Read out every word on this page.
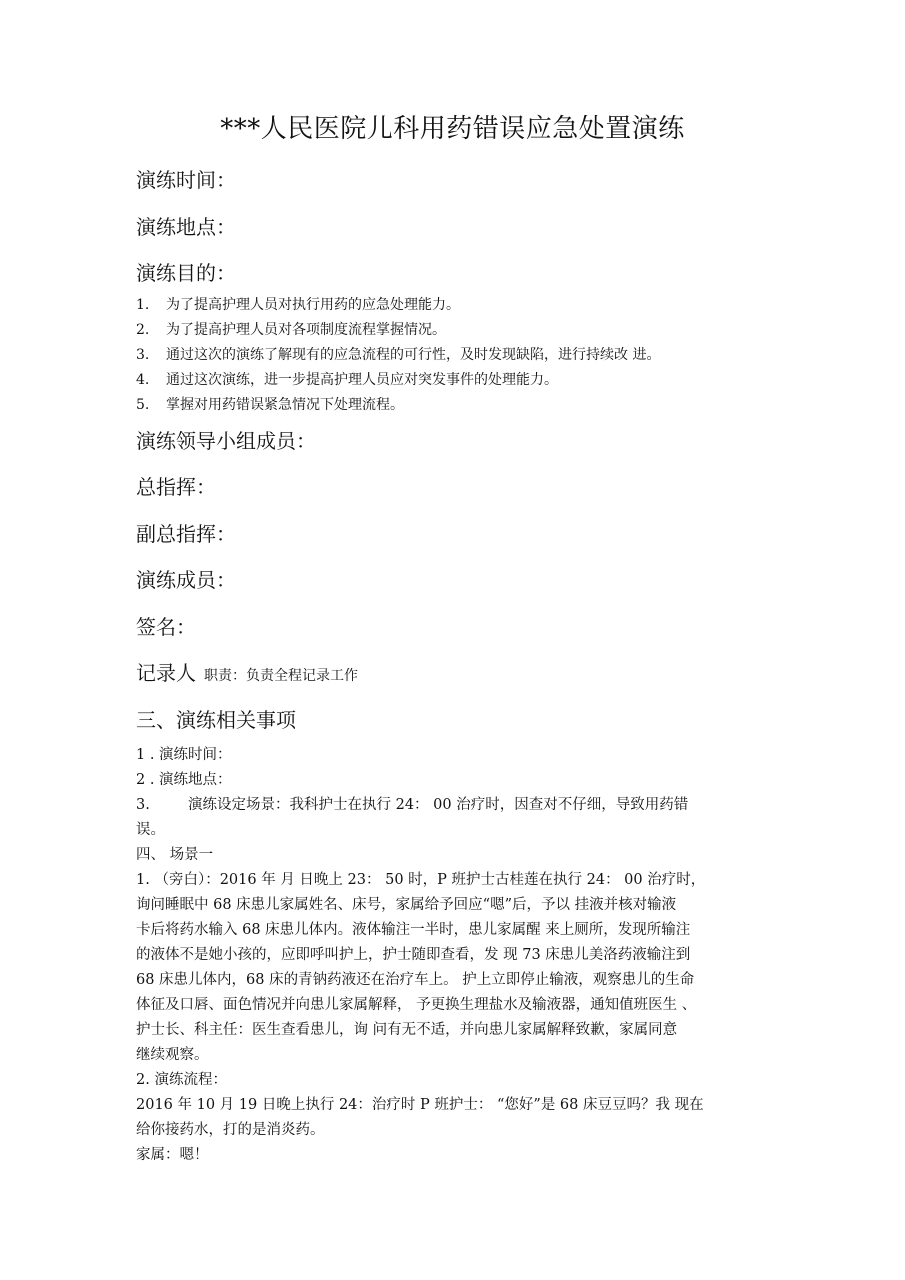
***人民医院儿科用药错误应急处置演练
演练时间：
演练地点：
演练目的：
1. 为了提高护理人员对执行用药的应急处理能力。
2. 为了提高护理人员对各项制度流程掌握情况。
3. 通过这次的演练了解现有的应急流程的可行性，及时发现缺陷，进行持续改 进。
4. 通过这次演练，进一步提高护理人员应对突发事件的处理能力。
5. 掌握对用药错误紧急情况下处理流程。
演练领导小组成员：
总指挥：
副总指挥：
演练成员：
签名：
记录人 职责：负责全程记录工作
三、演练相关事项

1 . 演练时间：

2 . 演练地点：

3.	演练设定场景：我科护士在执行 24： 00 治疗时，因查对不仔细，导致用药错

误。

四、 场景一

1. （旁白）：2016 年 月 日晚上 23： 50 时，P 班护士古桂莲在执行 24： 00 治疗时，

询问睡眠中 68 床患儿家属姓名、床号，家属给予回应“嗯”后，予以 挂液并核对输液

卡后将药水输入 68 床患儿体内。液体输注一半时，患儿家属醒 来上厕所，发现所输注

的液体不是她小孩的，应即呼叫护上，护士随即查看，发 现 73 床患儿美洛药液输注到

68 床患儿体内，68 床的青钠药液还在治疗车上。 护上立即停止输液，观察患儿的生命

体征及口唇、面色情况并向患儿家属解释， 予更换生理盐水及输液器，通知值班医生 、

护士长、科主任：医生查看患儿，询 问有无不适，并向患儿家属解释致歉，家属同意

继续观察。

2. 演练流程：

2016 年 10 月 19 日晚上执行 24：治疗时 P 班护士： “您好”是 68 床豆豆吗？我 现在

给你接药水，打的是消炎药。

家属：嗯！
